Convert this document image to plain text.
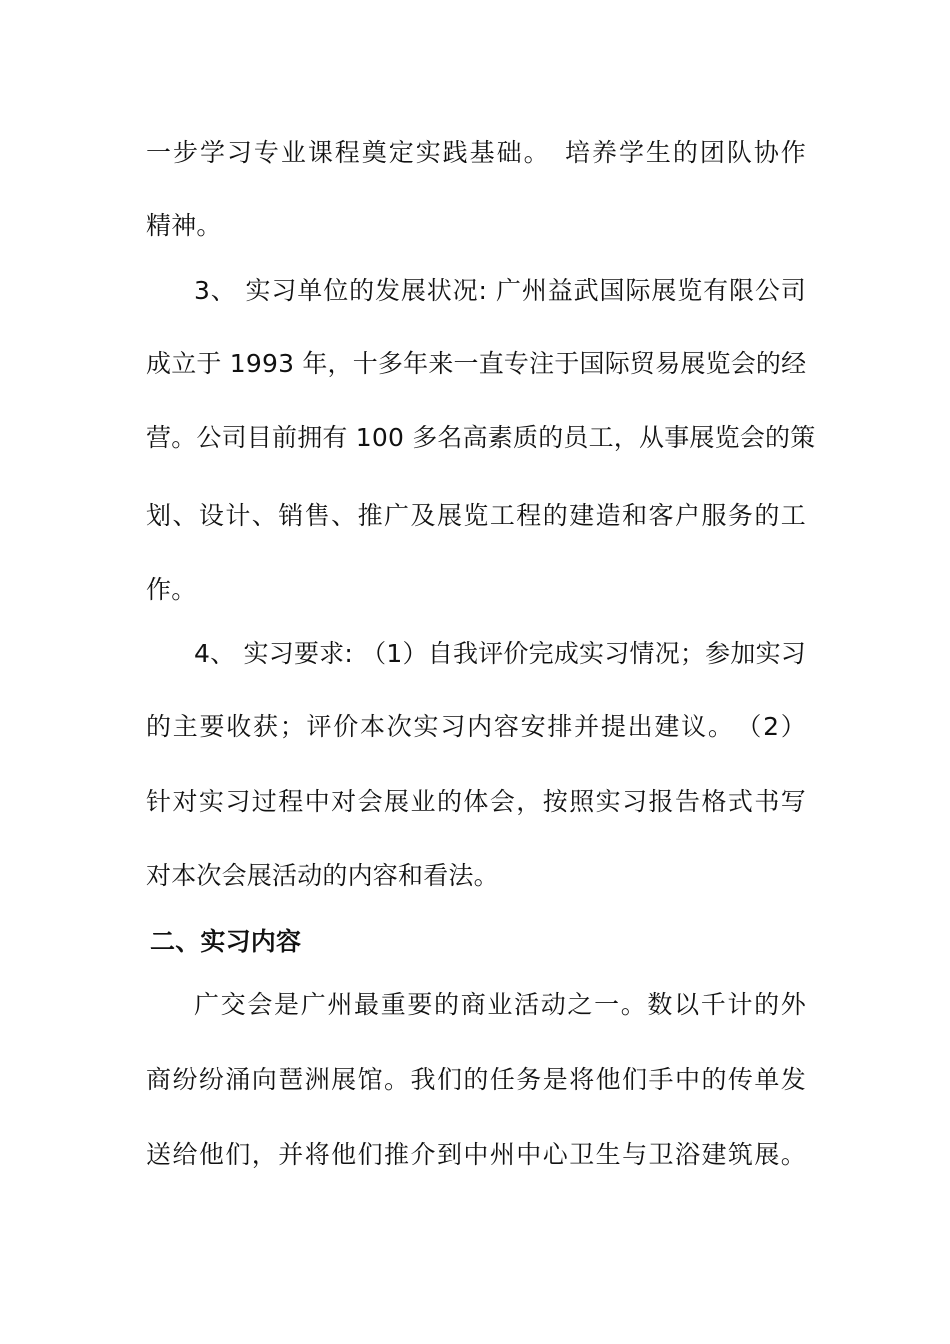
一步学习专业课程奠定实践基础。　培养学生的团队协作
精神。
3、 实习单位的发展状况: 广州益武国际展览有限公司
成立于 1993 年，十多年来一直专注于国际贸易展览会的经
营。公司目前拥有 100 多名高素质的员工，从事展览会的策
划、设计、销售、推广及展览工程的建造和客户服务的工
作。
4、 实习要求: （1）自我评价完成实习情况；参加实习
的主要收获；评价本次实习内容安排并提出建议。　（2）
针对实习过程中对会展业的体会，按照实习报告格式书写
对本次会展活动的内容和看法。
二、实习内容
广交会是广州最重要的商业活动之一。数以千计的外
商纷纷涌向琶洲展馆。我们的任务是将他们手中的传单发
送给他们，并将他们推介到中州中心卫生与卫浴建筑展。
